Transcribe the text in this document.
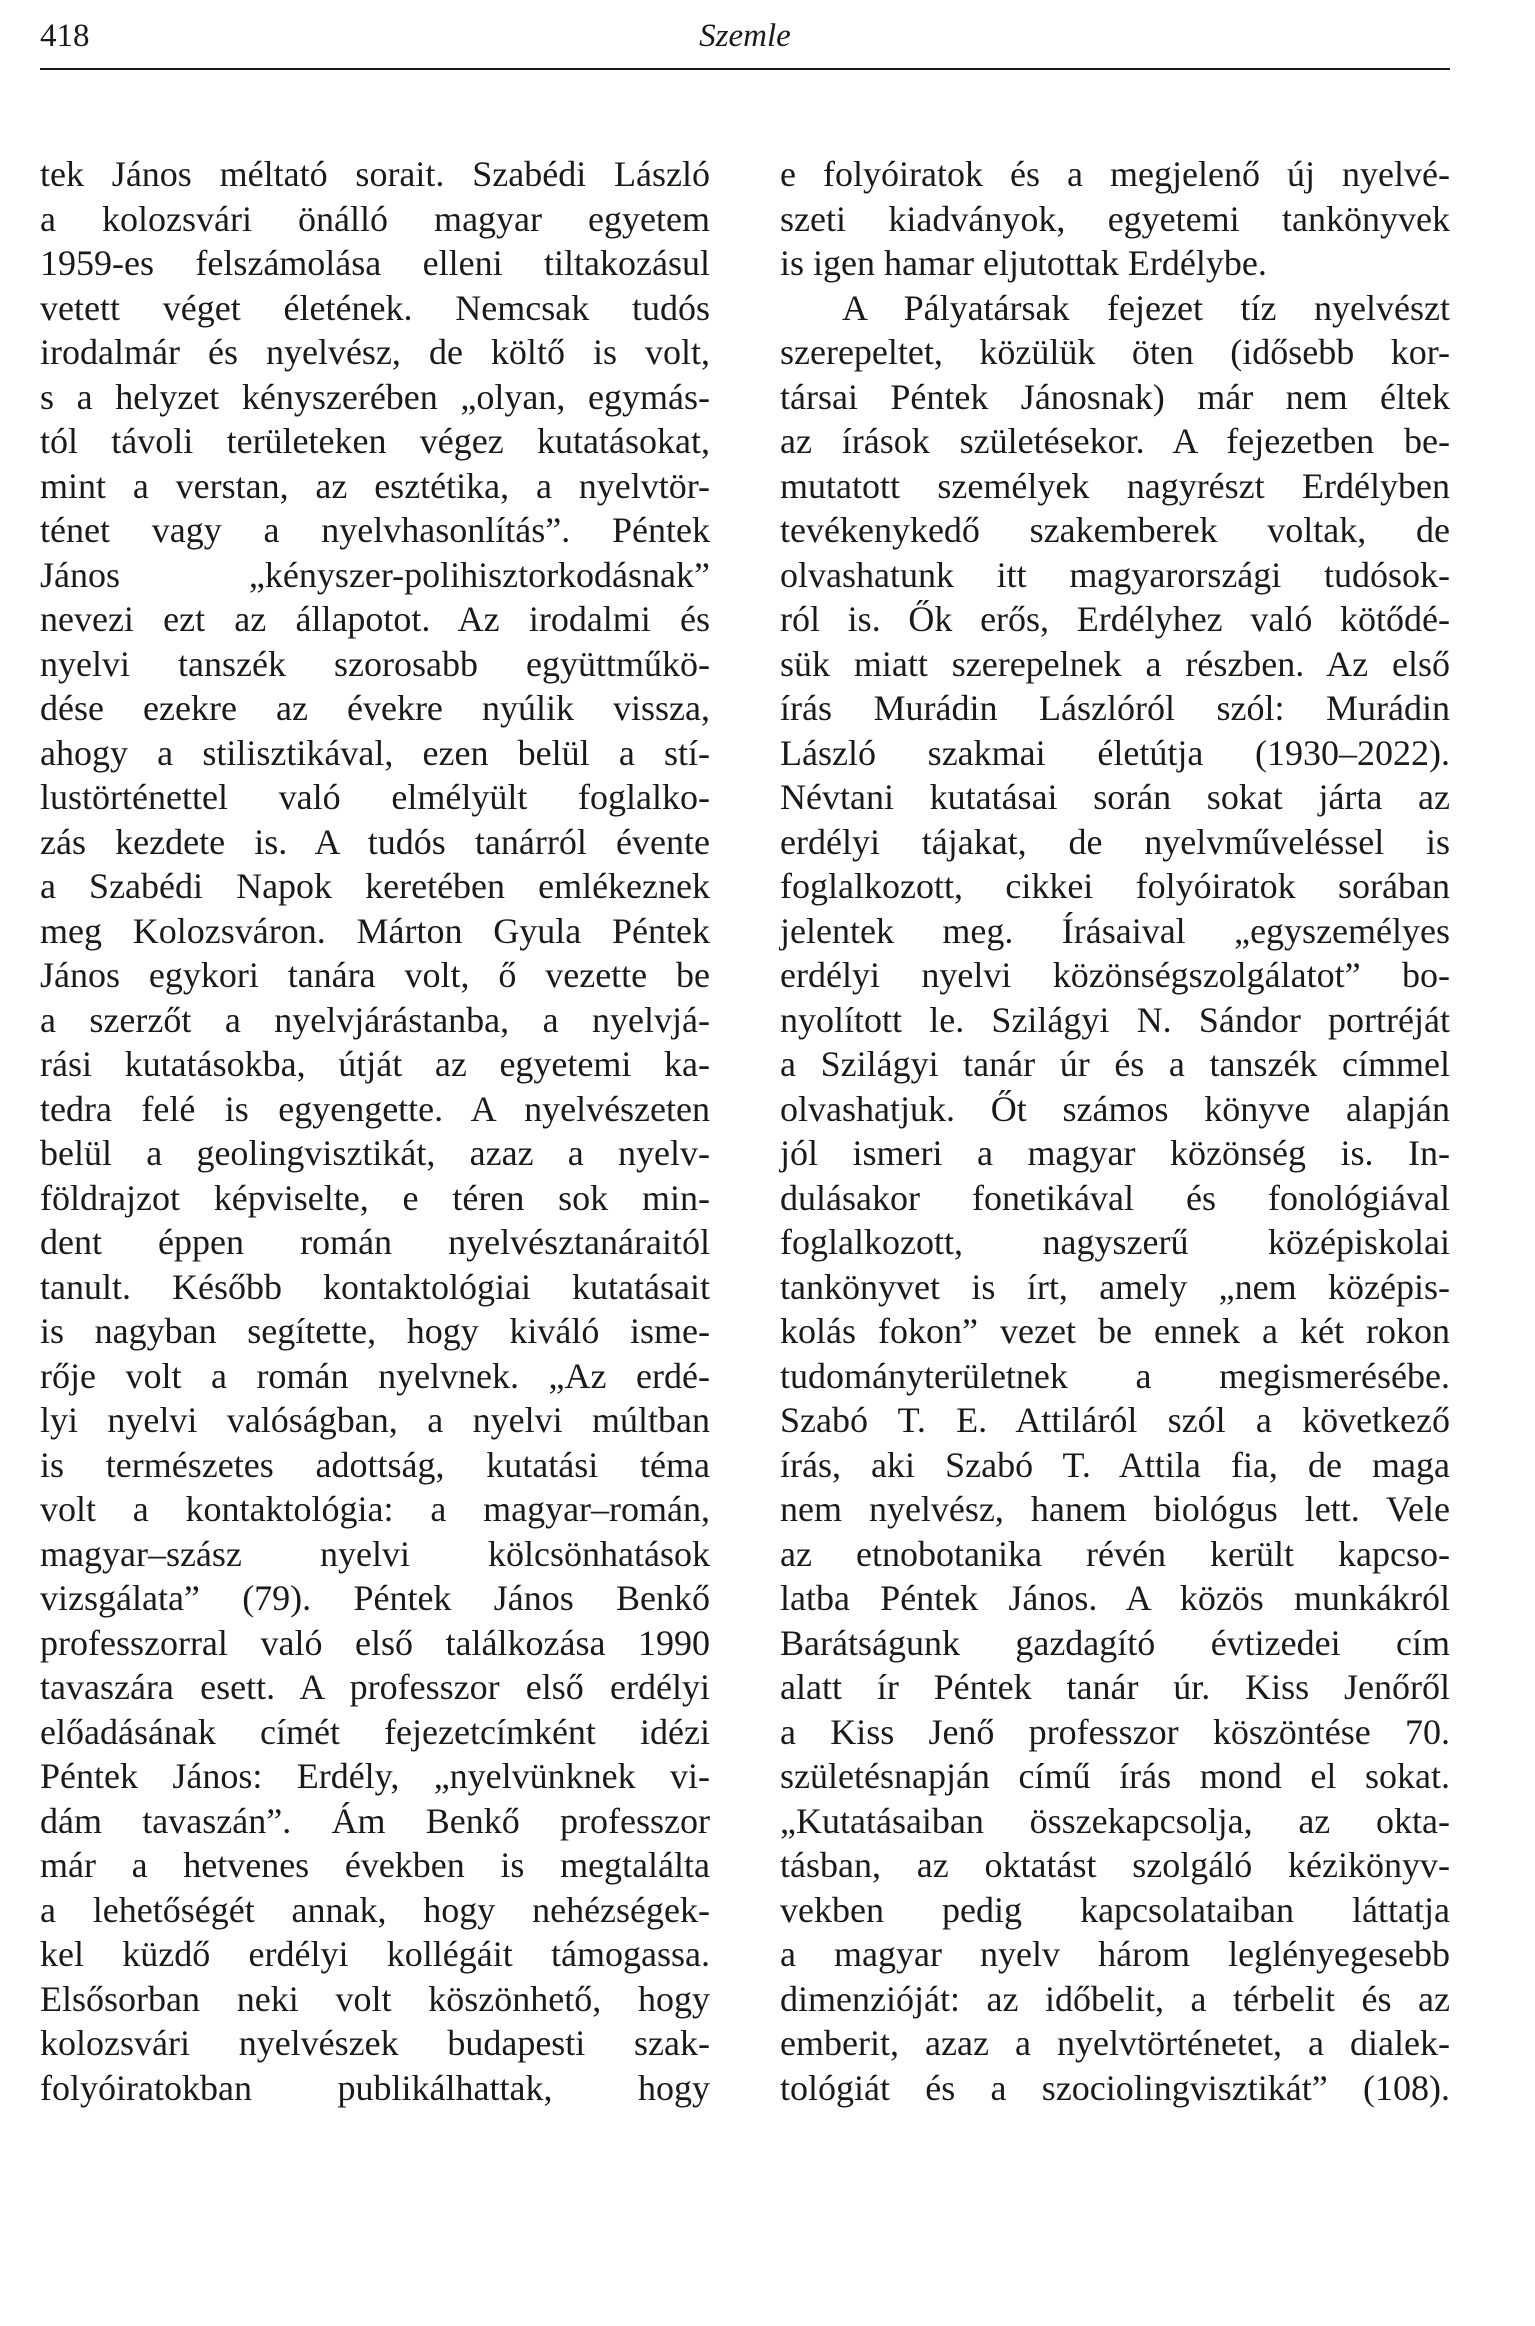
418	Szemle
tek János méltató sorait. Szabédi László
a kolozsvári önálló magyar egyetem
1959-es felszámolása elleni tiltakozásul
vetett véget életének. Nemcsak tudós
irodalmár és nyelvész, de költő is volt,
s a helyzet kényszerében „olyan, egymás-
tól távoli területeken végez kutatásokat,
mint a verstan, az esztétika, a nyelvtör-
ténet vagy a nyelvhasonlítás”. Péntek
János „kényszer-polihisztorkodásnak”
nevezi ezt az állapotot. Az irodalmi és
nyelvi tanszék szorosabb együttműkö-
dése ezekre az évekre nyúlik vissza,
ahogy a stilisztikával, ezen belül a stí-
lustörténettel való elmélyült foglalko-
zás kezdete is. A tudós tanárról évente
a Szabédi Napok keretében emlékeznek
meg Kolozsváron. Márton Gyula Péntek
János egykori tanára volt, ő vezette be
a szerzőt a nyelvjárástanba, a nyelvjá-
rási kutatásokba, útját az egyetemi ka-
tedra felé is egyengette. A nyelvészeten
belül a geolingvisztikát, azaz a nyelv-
földrajzot képviselte, e téren sok min-
dent éppen román nyelvésztanáraitól
tanult. Később kontaktológiai kutatásait
is nagyban segítette, hogy kiváló isme-
rője volt a román nyelvnek. „Az erdé-
lyi nyelvi valóságban, a nyelvi múltban
is természetes adottság, kutatási téma
volt a kontaktológia: a magyar–román,
magyar–szász nyelvi kölcsönhatások
vizsgálata” (79). Péntek János Benkő
professzorral való első találkozása 1990
tavaszára esett. A professzor első erdélyi
előadásának címét fejezetcímként idézi
Péntek János: Erdély, „nyelvünknek vi-
dám tavaszán”. Ám Benkő professzor
már a hetvenes években is megtalálta
a lehetőségét annak, hogy nehézségek-
kel küzdő erdélyi kollégáit támogassa.
Elsősorban neki volt köszönhető, hogy
kolozsvári nyelvészek budapesti szak-
folyóiratokban publikálhattak, hogy
e folyóiratok és a megjelenő új nyelvé-
szeti kiadványok, egyetemi tankönyvek
is igen hamar eljutottak Erdélybe.
A Pályatársak fejezet tíz nyelvészt
szerepeltet, közülük öten (idősebb kor-
társai Péntek Jánosnak) már nem éltek
az írások születésekor. A fejezetben be-
mutatott személyek nagyrészt Erdélyben
tevékenykedő szakemberek voltak, de
olvashatunk itt magyarországi tudósok-
ról is. Ők erős, Erdélyhez való kötődé-
sük miatt szerepelnek a részben. Az első
írás Murádin Lászlóról szól: Murádin
László szakmai életútja (1930–2022).
Névtani kutatásai során sokat járta az
erdélyi tájakat, de nyelvműveléssel is
foglalkozott, cikkei folyóiratok sorában
jelentek meg. Írásaival „egyszemélyes
erdélyi nyelvi közönségszolgálatot” bo-
nyolított le. Szilágyi N. Sándor portréját
a Szilágyi tanár úr és a tanszék címmel
olvashatjuk. Őt számos könyve alapján
jól ismeri a magyar közönség is. In-
dulásakor fonetikával és fonológiával
foglalkozott, nagyszerű középiskolai
tankönyvet is írt, amely „nem középis-
kolás fokon” vezet be ennek a két rokon
tudományterületnek a megismerésébe.
Szabó T. E. Attiláról szól a következő
írás, aki Szabó T. Attila fia, de maga
nem nyelvész, hanem biológus lett. Vele
az etnobotanika révén került kapcso-
latba Péntek János. A közös munkákról
Barátságunk gazdagító évtizedei cím
alatt ír Péntek tanár úr. Kiss Jenőről
a Kiss Jenő professzor köszöntése 70.
születésnapján című írás mond el sokat.
„Kutatásaiban összekapcsolja, az okta-
tásban, az oktatást szolgáló kézikönyv-
vekben pedig kapcsolataiban láttatja
a magyar nyelv három leglényegesebb
dimenzióját: az időbelit, a térbelit és az
emberit, azaz a nyelvtörténetet, a dialek-
tológiát és a szociolingvisztikát” (108).
